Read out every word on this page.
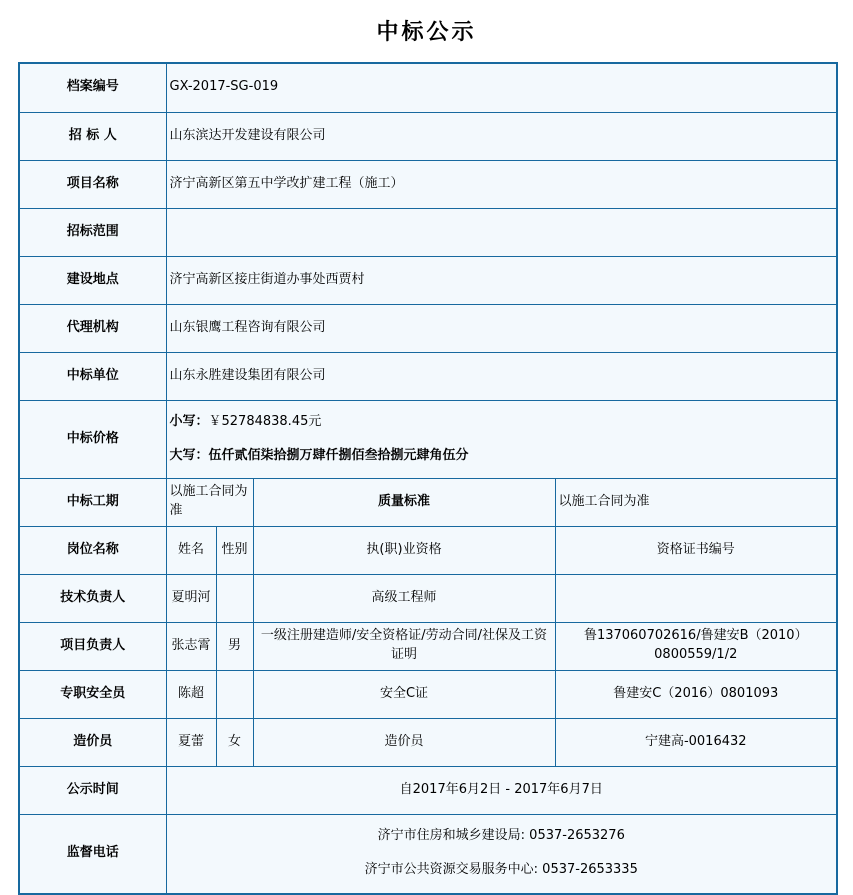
中标公示
档案编号	GX-2017-SG-019			
招 标 人	山东滨达开发建设有限公司			
项目名称	济宁高新区第五中学改扩建工程（施工）			
招标范围				
建设地点	济宁高新区接庄街道办事处西贾村			
代理机构	山东银鹰工程咨询有限公司			
中标单位	山东永胜建设集团有限公司			
中标价格	小写：￥52784838.45元
大写：伍仟贰佰柒拾捌万肆仟捌佰叁拾捌元肆角伍分			

中标工期	以施工合同为准		质量标准	以施工合同为准
岗位名称	姓名	性别	执(职)业资格	资格证书编号
技术负责人	夏明河		高级工程师	
项目负责人	张志霄	男	一级注册建造师/安全资格证/劳动合同/社保及工资证明	鲁137060702616/鲁建安B（2010）0800559/1/2
专职安全员	陈超		安全C证	鲁建安C（2016）0801093
造价员	夏蕾	女	造价员	宁建高-0016432
公示时间	自2017年6月2日 - 2017年6月7日			
监督电话	济宁市住房和城乡建设局: 0537-2653276
济宁市公共资源交易服务中心: 0537-2653335			
